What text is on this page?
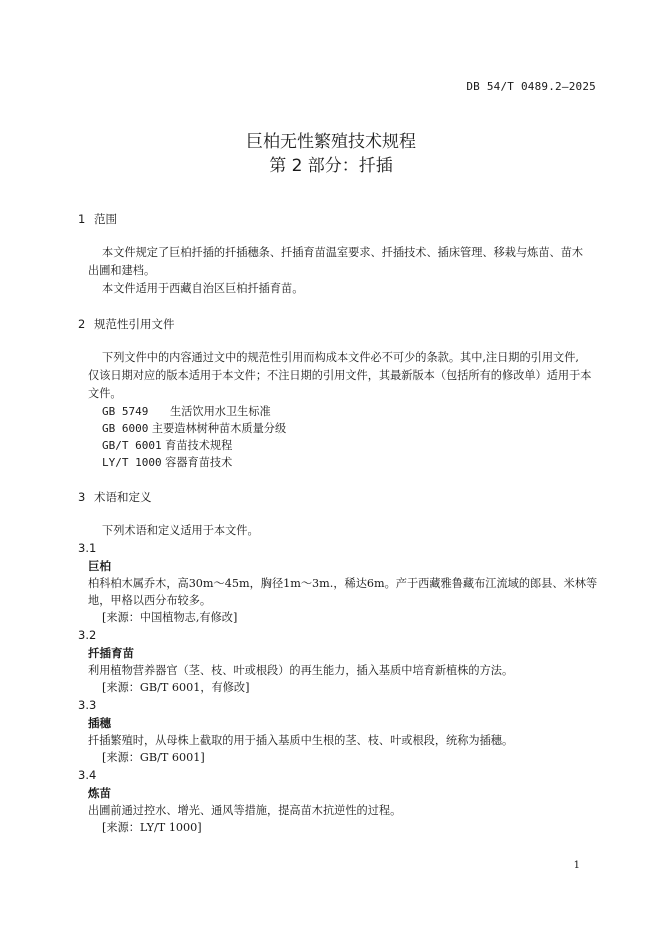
DB 54/T 0489.2—2025
巨柏无性繁殖技术规程
第 2 部分：扦插
1 范围
本文件规定了巨柏扦插的扦插穗条、扦插育苗温室要求、扦插技术、插床管理、移栽与炼苗、苗木
出圃和建档。
本文件适用于西藏自治区巨柏扦插育苗。
2 规范性引用文件
下列文件中的内容通过文中的规范性引用而构成本文件必不可少的条款。其中,注日期的引用文件,
仅该日期对应的版本适用于本文件；不注日期的引用文件，其最新版本（包括所有的修改单）适用于本
文件。
GB 5749 生活饮用水卫生标准
GB 6000 主要造林树种苗木质量分级
GB/T 6001 育苗技术规程
LY/T 1000 容器育苗技术
3 术语和定义
下列术语和定义适用于本文件。
3.1
巨柏
柏科柏木属乔木，高30m～45m，胸径1m～3m.，稀达6m。产于西藏雅鲁藏布江流域的郎县、米林等
地，甲格以西分布较多。
[来源：中国植物志,有修改]
3.2
扦插育苗
利用植物营养器官（茎、枝、叶或根段）的再生能力，插入基质中培育新植株的方法。
[来源：GB/T 6001，有修改]
3.3
插穗
扦插繁殖时，从母株上截取的用于插入基质中生根的茎、枝、叶或根段，统称为插穗。
[来源：GB/T 6001]
3.4
炼苗
出圃前通过控水、增光、通风等措施，提高苗木抗逆性的过程。
[来源：LY/T 1000]
1
